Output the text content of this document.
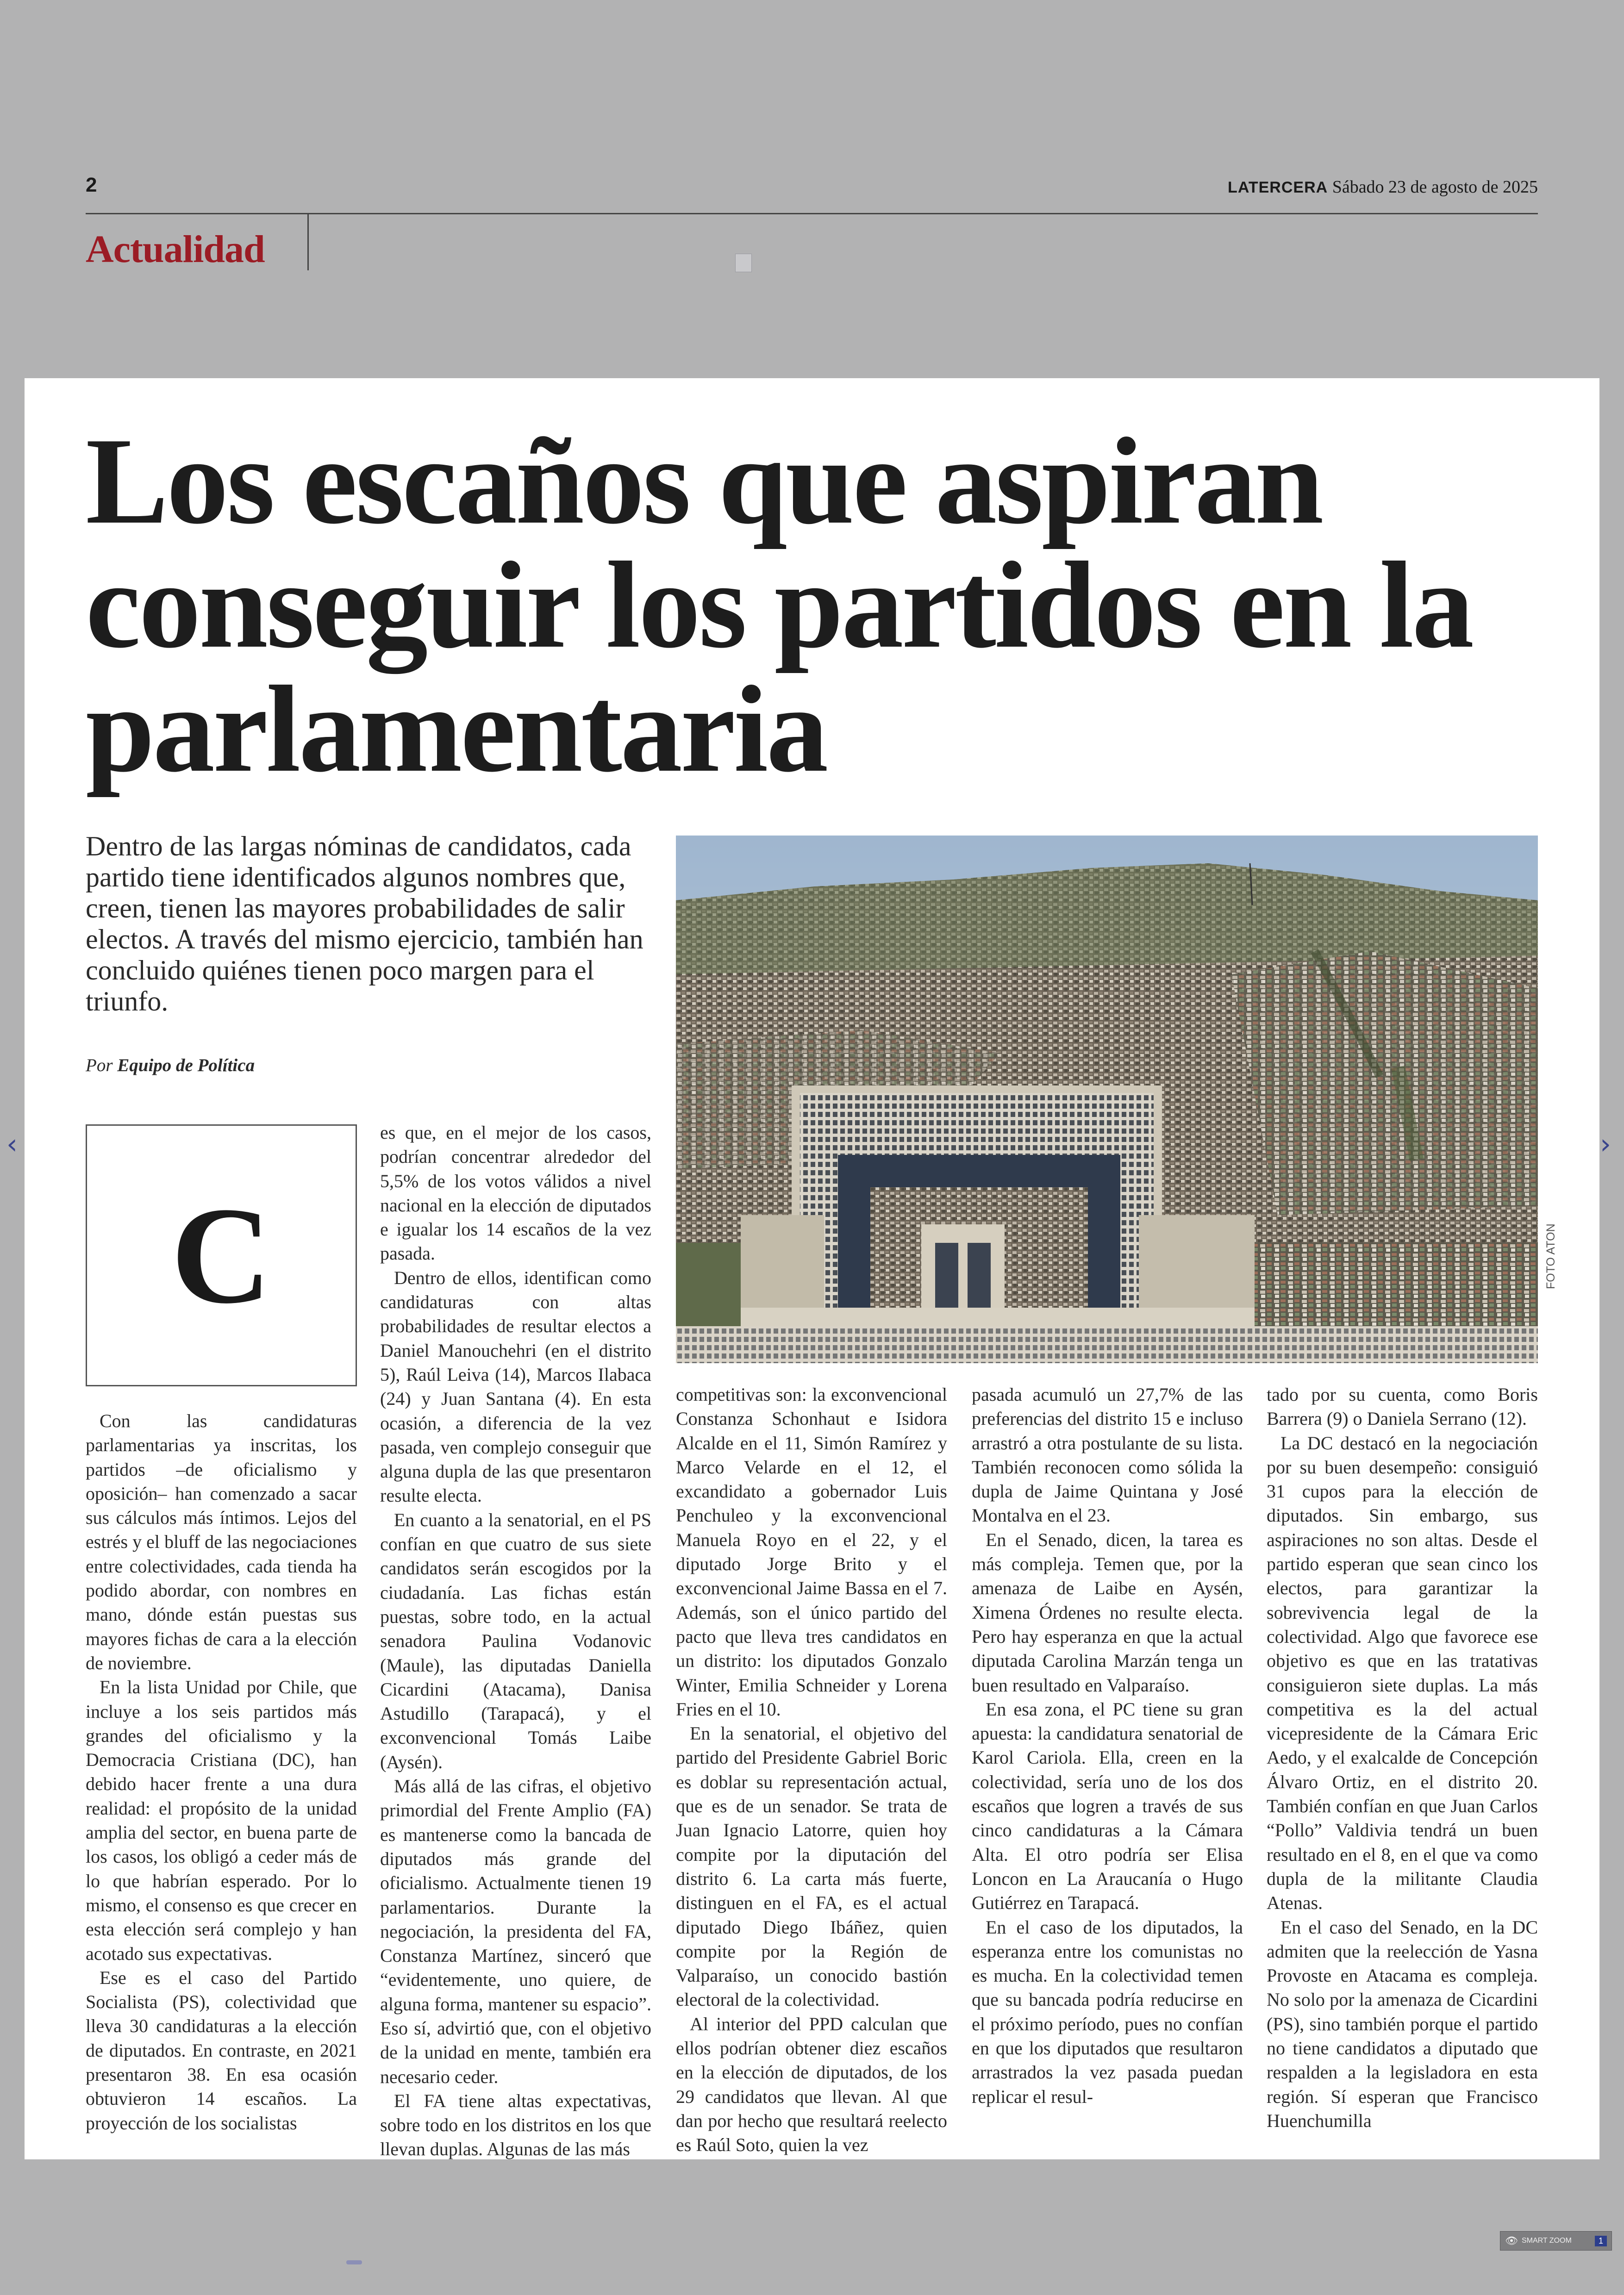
2	LATERCERA Sábado 23 de agosto de 2025
Actualidad
‹	›
Los escaños que aspiran conseguir los partidos en la parlamentaria

Dentro de las largas nóminas de candidatos, cada partido tiene identificados algunos nombres que, creen, tienen las mayores probabilidades de salir electos. A través del mismo ejercicio, también han concluido quiénes tienen poco margen para el triunfo.

Por Equipo de Política
FOTO ATON
C

Con las candidaturas parlamentarias ya inscritas, los partidos –de oficialismo y oposición– han comenzado a sacar sus cálculos más íntimos. Lejos del estrés y el bluff de las negociaciones entre colectividades, cada tienda ha podido abordar, con nombres en mano, dónde están puestas sus mayores fichas de cara a la elección de noviembre.

En la lista Unidad por Chile, que incluye a los seis partidos más grandes del oficialismo y la Democracia Cristiana (DC), han debido hacer frente a una dura realidad: el propósito de la unidad amplia del sector, en buena parte de los casos, los obligó a ceder más de lo que habrían esperado. Por lo mismo, el consenso es que crecer en esta elección será complejo y han acotado sus expectativas.

Ese es el caso del Partido Socialista (PS), colectividad que lleva 30 candidaturas a la elección de diputados. En contraste, en 2021 presentaron 38. En esa ocasión obtuvieron 14 escaños. La proyección de los socialistas

es que, en el mejor de los casos, podrían concentrar alrededor del 5,5% de los votos válidos a nivel nacional en la elección de diputados e igualar los 14 escaños de la vez pasada.

Dentro de ellos, identifican como candidaturas con altas probabilidades de resultar electos a Daniel Manouchehri (en el distrito 5), Raúl Leiva (14), Marcos Ilabaca (24) y Juan Santana (4). En esta ocasión, a diferencia de la vez pasada, ven complejo conseguir que alguna dupla de las que presentaron resulte electa.

En cuanto a la senatorial, en el PS confían en que cuatro de sus siete candidatos serán escogidos por la ciudadanía. Las fichas están puestas, sobre todo, en la actual senadora Paulina Vodanovic (Maule), las diputadas Daniella Cicardini (Atacama), Danisa Astudillo (Tarapacá), y el exconvencional Tomás Laibe (Aysén).

Más allá de las cifras, el objetivo primordial del Frente Amplio (FA) es mantenerse como la bancada de diputados más grande del oficialismo. Actualmente tienen 19 parlamentarios. Durante la negociación, la presidenta del FA, Constanza Martínez, sinceró que “evidentemente, uno quiere, de alguna forma, mantener su espacio”. Eso sí, advirtió que, con el objetivo de la unidad en mente, también era necesario ceder.

El FA tiene altas expectativas, sobre todo en los distritos en los que llevan duplas. Algunas de las más

competitivas son: la exconvencional Constanza Schonhaut e Isidora Alcalde en el 11, Simón Ramírez y Marco Velarde en el 12, el excandidato a gobernador Luis Penchuleo y la exconvencional Manuela Royo en el 22, y el diputado Jorge Brito y el exconvencional Jaime Bassa en el 7. Además, son el único partido del pacto que lleva tres candidatos en un distrito: los diputados Gonzalo Winter, Emilia Schneider y Lorena Fries en el 10.

En la senatorial, el objetivo del partido del Presidente Gabriel Boric es doblar su representación actual, que es de un senador. Se trata de Juan Ignacio Latorre, quien hoy compite por la diputación del distrito 6. La carta más fuerte, distinguen en el FA, es el actual diputado Diego Ibáñez, quien compite por la Región de Valparaíso, un conocido bastión electoral de la colectividad.

Al interior del PPD calculan que ellos podrían obtener diez escaños en la elección de diputados, de los 29 candidatos que llevan. Al que dan por hecho que resultará reelecto es Raúl Soto, quien la vez

pasada acumuló un 27,7% de las preferencias del distrito 15 e incluso arrastró a otra postulante de su lista. También reconocen como sólida la dupla de Jaime Quintana y José Montalva en el 23.

En el Senado, dicen, la tarea es más compleja. Temen que, por la amenaza de Laibe en Aysén, Ximena Órdenes no resulte electa. Pero hay esperanza en que la actual diputada Carolina Marzán tenga un buen resultado en Valparaíso.

En esa zona, el PC tiene su gran apuesta: la candidatura senatorial de Karol Cariola. Ella, creen en la colectividad, sería uno de los dos escaños que logren a través de sus cinco candidaturas a la Cámara Alta. El otro podría ser Elisa Loncon en La Araucanía o Hugo Gutiérrez en Tarapacá.

En el caso de los diputados, la esperanza entre los comunistas no es mucha. En la colectividad temen que su bancada podría reducirse en el próximo período, pues no confían en que los diputados que resultaron arrastrados la vez pasada puedan replicar el resul-

tado por su cuenta, como Boris Barrera (9) o Daniela Serrano (12).

La DC destacó en la negociación por su buen desempeño: consiguió 31 cupos para la elección de diputados. Sin embargo, sus aspiraciones no son altas. Desde el partido esperan que sean cinco los electos, para garantizar la sobrevivencia legal de la colectividad. Algo que favorece ese objetivo es que en las tratativas consiguieron siete duplas. La más competitiva es la del actual vicepresidente de la Cámara Eric Aedo, y el exalcalde de Concepción Álvaro Ortiz, en el distrito 20. También confían en que Juan Carlos “Pollo” Valdivia tendrá un buen resultado en el 8, en el que va como dupla de la militante Claudia Atenas.

En el caso del Senado, en la DC admiten que la reelección de Yasna Provoste en Atacama es compleja. No solo por la amenaza de Cicardini (PS), sino también porque el partido no tiene candidatos a diputado que respalden a la legisladora en esta región. Sí esperan que Francisco Huenchumilla

👁 SMART ZOOM	1
